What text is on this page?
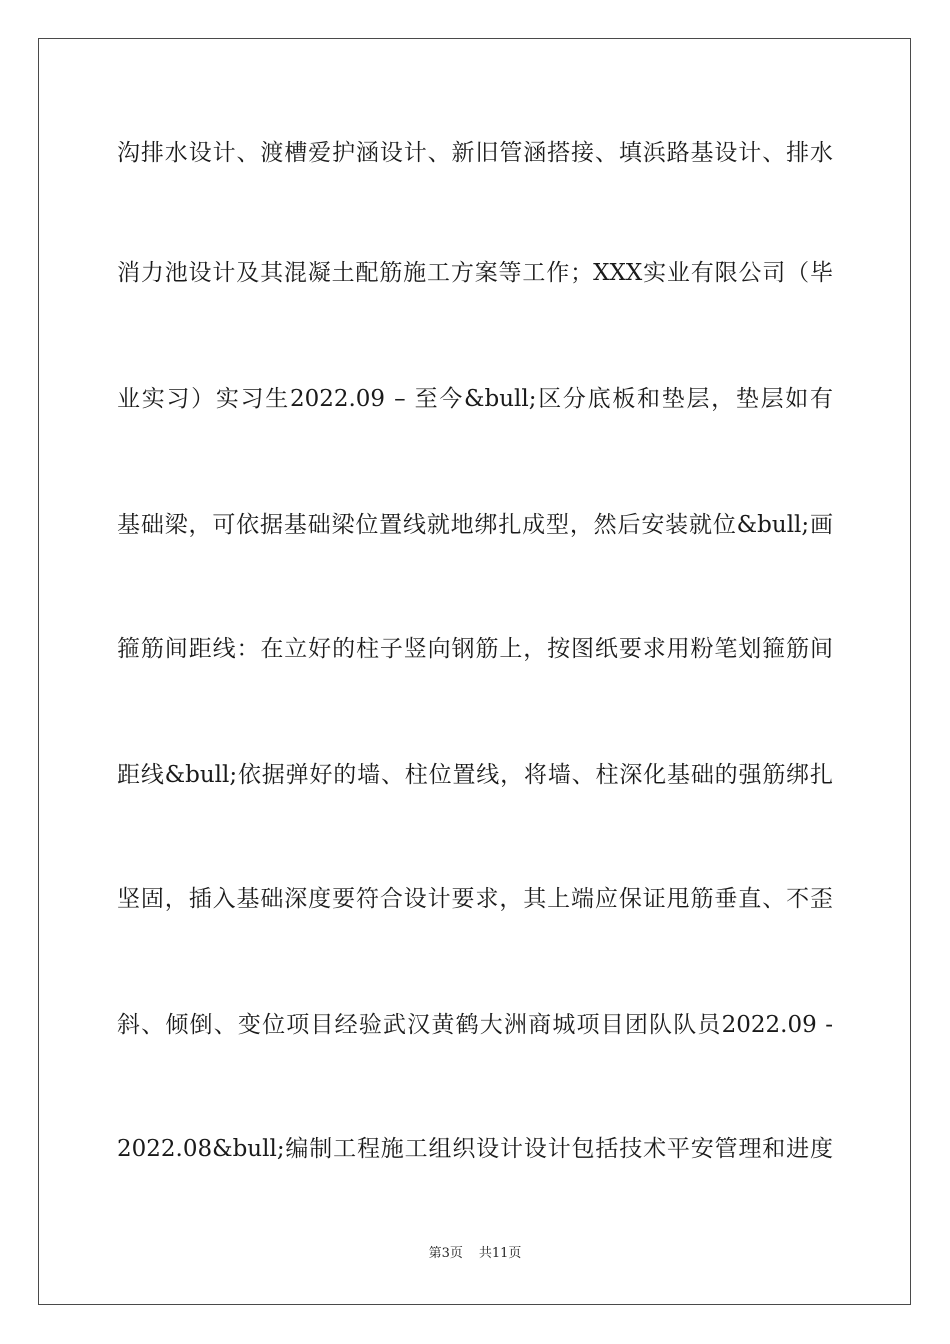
沟排水设计、渡槽爱护涵设计、新旧管涵搭接、填浜路基设计、排水
消力池设计及其混凝土配筋施工方案等工作；XXX实业有限公司（毕
业实习）实习生2022.09 – 至今&bull;区分底板和垫层，垫层如有
基础梁，可依据基础梁位置线就地绑扎成型，然后安装就位&bull;画
箍筋间距线：在立好的柱子竖向钢筋上，按图纸要求用粉笔划箍筋间
距线&bull;依据弹好的墙、柱位置线，将墙、柱深化基础的强筋绑扎
坚固，插入基础深度要符合设计要求，其上端应保证甩筋垂直、不歪
斜、倾倒、变位项目经验武汉黄鹤大洲商城项目团队队员2022.09 -
2022.08&bull;编制工程施工组织设计设计包括技术平安管理和进度
第3页 共11页
